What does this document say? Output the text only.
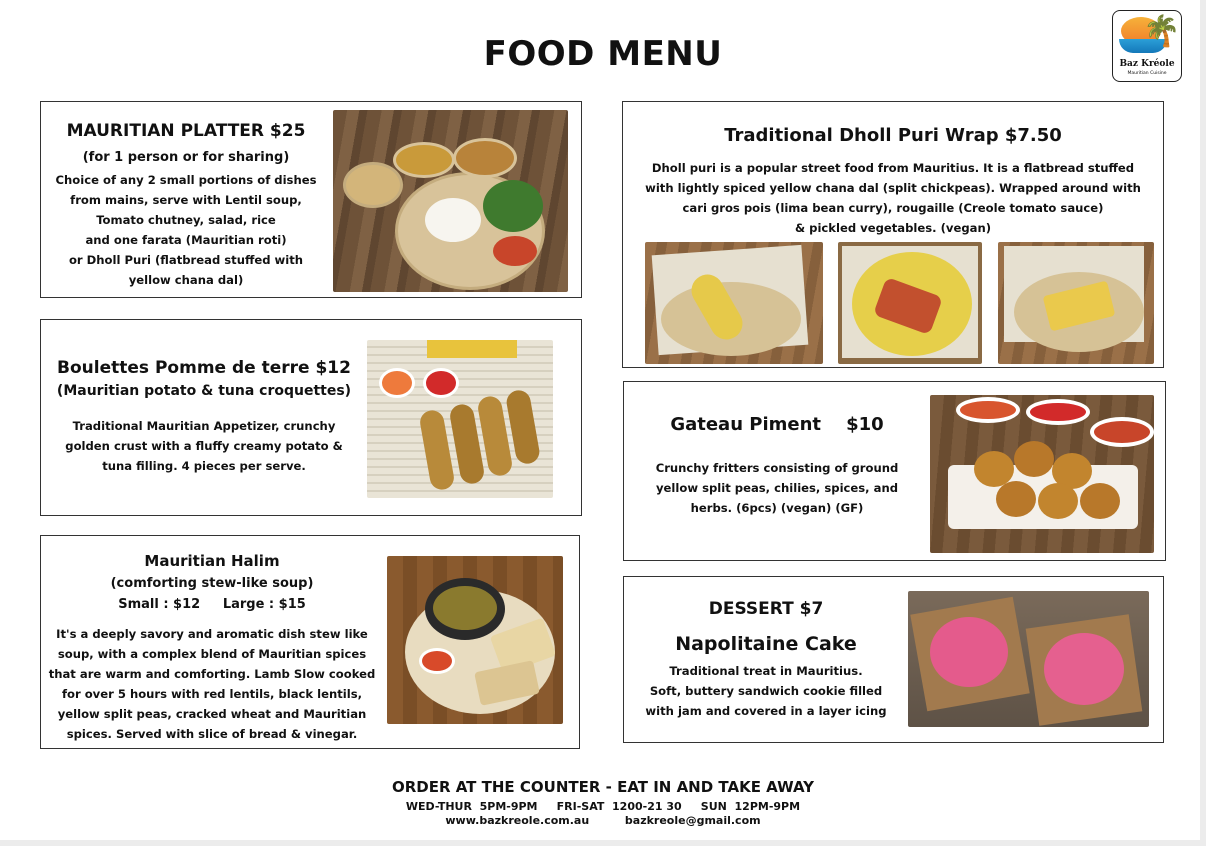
FOOD MENU
🌴
Baz Kréole
Mauritian Cuisine
MAURITIAN PLATTER $25
(for 1 person or for sharing)
Choice of any 2 small portions of dishes
from mains, serve with Lentil soup,
Tomato chutney, salad, rice
and one farata (Mauritian roti)
or Dholl Puri (flatbread stuffed with
yellow chana dal)
Boulettes Pomme de terre $12
(Mauritian potato & tuna croquettes)
Traditional Mauritian Appetizer, crunchy
golden crust with a fluffy creamy potato &
tuna filling. 4 pieces per serve.
Mauritian Halim
(comforting stew-like soup)
Small : $12     Large : $15
It's a deeply savory and aromatic dish stew like
soup, with a complex blend of Mauritian spices
that are warm and comforting. Lamb Slow cooked
for over 5 hours with red lentils, black lentils,
yellow split peas, cracked wheat and Mauritian
spices. Served with slice of bread & vinegar.
Traditional Dholl Puri Wrap $7.50
Dholl puri is a popular street food from Mauritius. It is a flatbread stuffed
with lightly spiced yellow chana dal (split chickpeas). Wrapped around with
cari gros pois (lima bean curry), rougaille (Creole tomato sauce)
& pickled vegetables. (vegan)
Gateau Piment    $10
Crunchy fritters consisting of ground
yellow split peas, chilies, spices, and
herbs. (6pcs) (vegan) (GF)
DESSERT $7
Napolitaine Cake
Traditional treat in Mauritius.
Soft, buttery sandwich cookie filled
with jam and covered in a layer icing
ORDER AT THE COUNTER - EAT IN AND TAKE AWAY
WED-THUR  5PM-9PM     FRI-SAT  1200-21 30     SUN  12PM-9PM
www.bazkreole.com.au	bazkreole@gmail.com
